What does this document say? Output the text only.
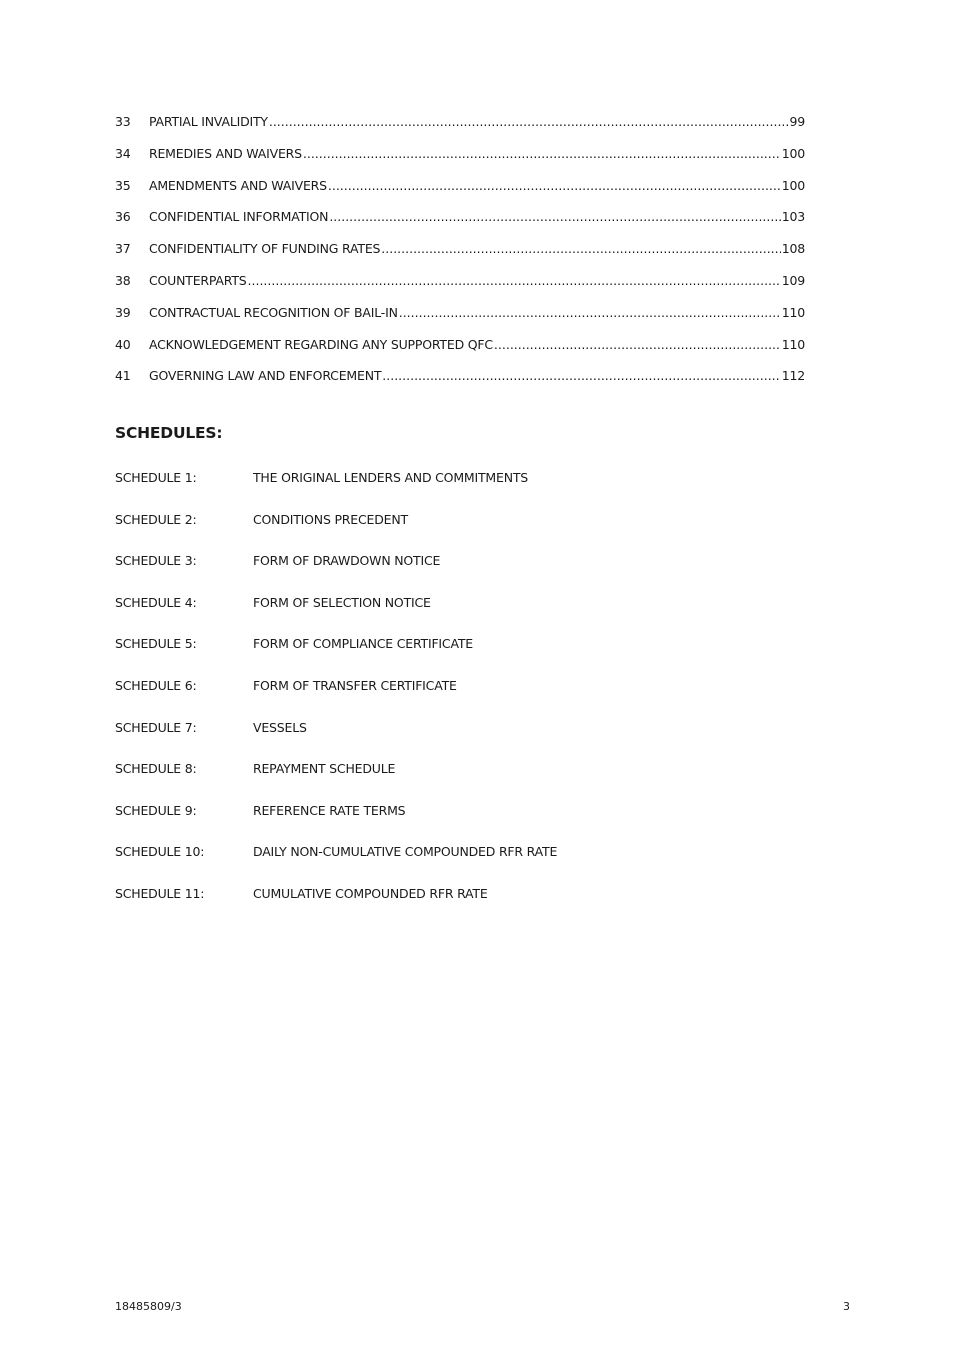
33	PARTIAL INVALIDITY .....	99
34	REMEDIES AND WAIVERS .....	100
35	AMENDMENTS AND WAIVERS .....	100
36	CONFIDENTIAL INFORMATION .....	103
37	CONFIDENTIALITY OF FUNDING RATES .....	108
38	COUNTERPARTS .....	109
39	CONTRACTUAL RECOGNITION OF BAIL-IN .....	110
40	ACKNOWLEDGEMENT REGARDING ANY SUPPORTED QFC .....	110
41	GOVERNING LAW AND ENFORCEMENT .....	112
SCHEDULES:
SCHEDULE 1:	THE ORIGINAL LENDERS AND COMMITMENTS
SCHEDULE 2:	CONDITIONS PRECEDENT
SCHEDULE 3:	FORM OF DRAWDOWN NOTICE
SCHEDULE 4:	FORM OF SELECTION NOTICE
SCHEDULE 5:	FORM OF COMPLIANCE CERTIFICATE
SCHEDULE 6:	FORM OF TRANSFER CERTIFICATE
SCHEDULE 7:	VESSELS
SCHEDULE 8:	REPAYMENT SCHEDULE
SCHEDULE 9:	REFERENCE RATE TERMS
SCHEDULE 10:	DAILY NON-CUMULATIVE COMPOUNDED RFR RATE
SCHEDULE 11:	CUMULATIVE COMPOUNDED RFR RATE
18485809/3	3
